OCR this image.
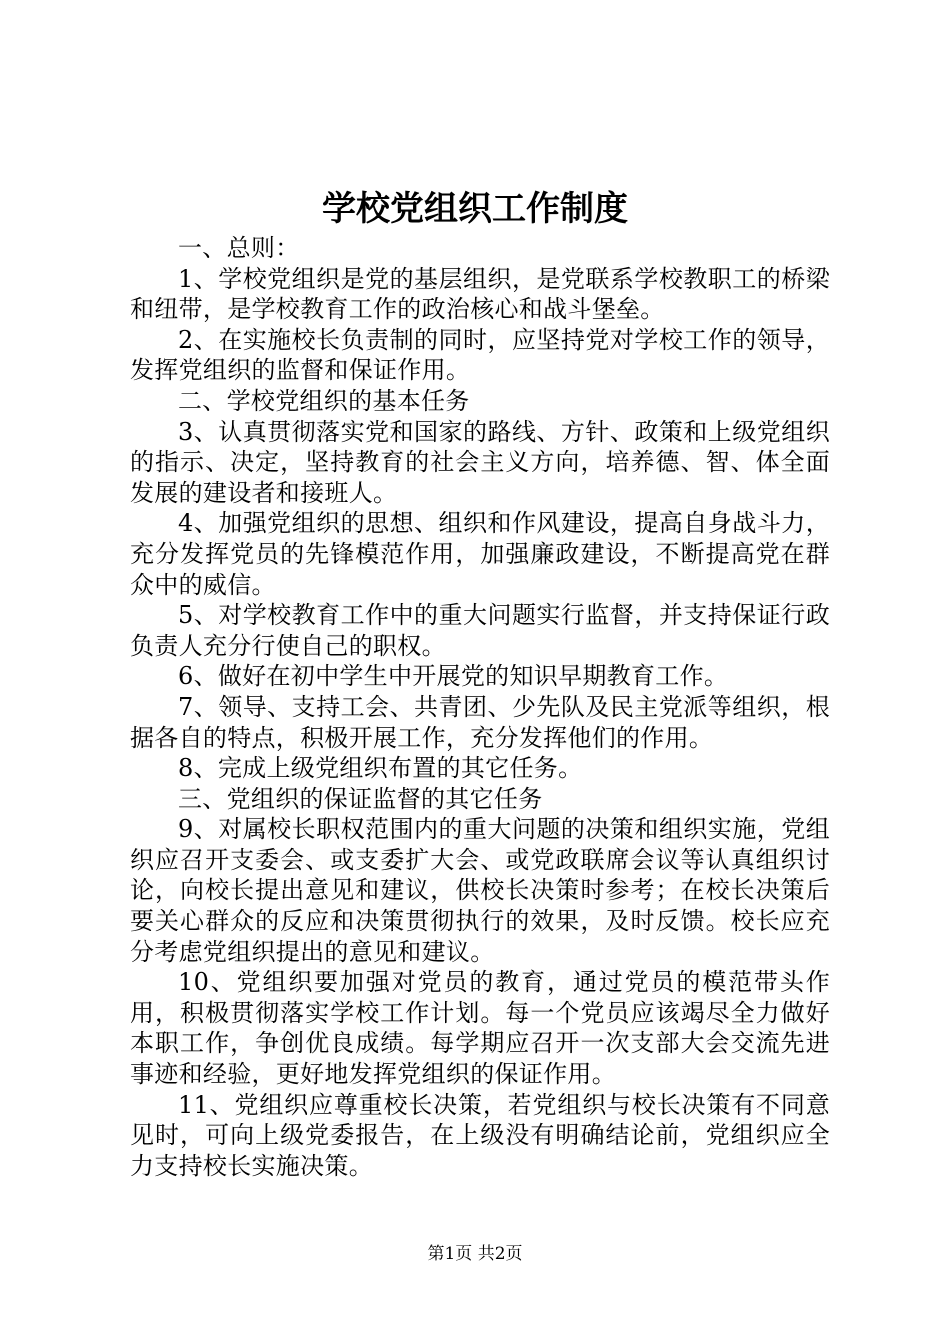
学校党组织工作制度

一、总则：

1、学校党组织是党的基层组织，是党联系学校教职工的桥梁和纽带，是学校教育工作的政治核心和战斗堡垒。

2、在实施校长负责制的同时，应坚持党对学校工作的领导，发挥党组织的监督和保证作用。

二、学校党组织的基本任务

3、认真贯彻落实党和国家的路线、方针、政策和上级党组织的指示、决定，坚持教育的社会主义方向，培养德、智、体全面发展的建设者和接班人。

4、加强党组织的思想、组织和作风建设，提高自身战斗力，充分发挥党员的先锋模范作用，加强廉政建设，不断提高党在群众中的威信。

5、对学校教育工作中的重大问题实行监督，并支持保证行政负责人充分行使自己的职权。

6、做好在初中学生中开展党的知识早期教育工作。

7、领导、支持工会、共青团、少先队及民主党派等组织，根据各自的特点，积极开展工作，充分发挥他们的作用。

8、完成上级党组织布置的其它任务。

三、党组织的保证监督的其它任务

9、对属校长职权范围内的重大问题的决策和组织实施，党组织应召开支委会、或支委扩大会、或党政联席会议等认真组织讨论，向校长提出意见和建议，供校长决策时参考；在校长决策后要关心群众的反应和决策贯彻执行的效果，及时反馈。校长应充分考虑党组织提出的意见和建议。

10、党组织要加强对党员的教育，通过党员的模范带头作用，积极贯彻落实学校工作计划。每一个党员应该竭尽全力做好本职工作，争创优良成绩。每学期应召开一次支部大会交流先进事迹和经验，更好地发挥党组织的保证作用。

11、党组织应尊重校长决策，若党组织与校长决策有不同意见时，可向上级党委报告，在上级没有明确结论前，党组织应全力支持校长实施决策。

第1页 共2页
